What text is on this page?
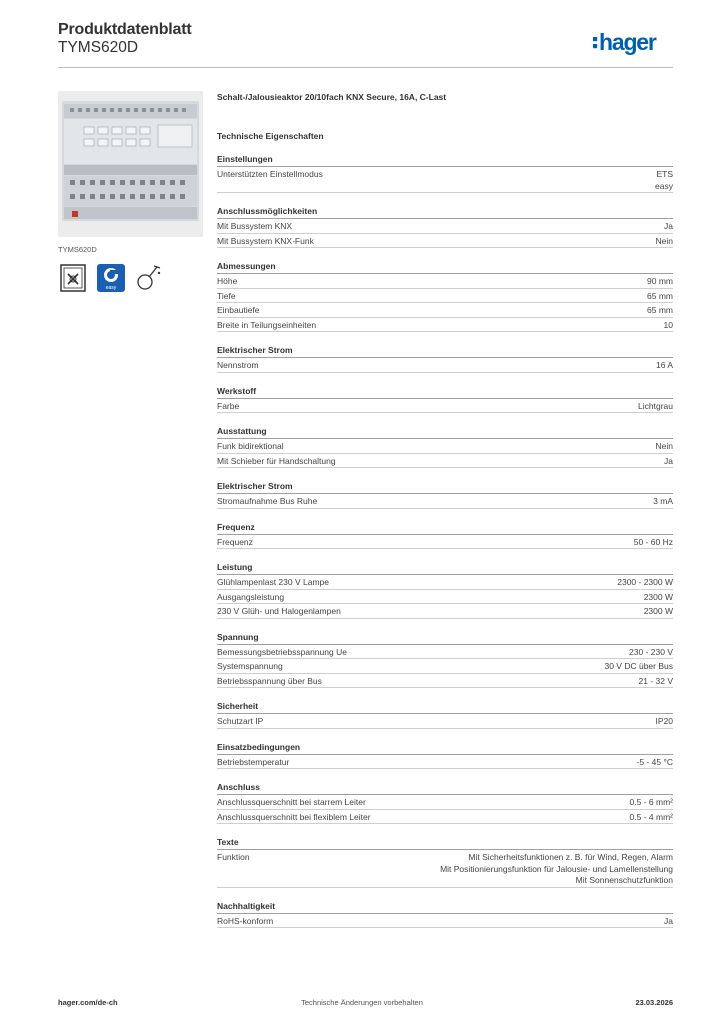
Produktdatenblatt
TYMS620D	hager
TYMS620D
easy
Schalt-/Jalousieaktor 20/10fach KNX Secure, 16A, C-Last
Technische Eigenschaften
Einstellungen
Unterstützten Einstellmodus	ETS
easy
Anschlussmöglichkeiten
Mit Bussystem KNX	Ja
Mit Bussystem KNX-Funk	Nein
Abmessungen
Höhe	90 mm
Tiefe	65 mm
Einbautiefe	65 mm
Breite in Teilungseinheiten	10
Elektrischer Strom
Nennstrom	16 A
Werkstoff
Farbe	Lichtgrau
Ausstattung
Funk bidirektional	Nein
Mit Schieber für Handschaltung	Ja
Elektrischer Strom
Stromaufnahme Bus Ruhe	3 mA
Frequenz
Frequenz	50 - 60 Hz
Leistung
Glühlampenlast 230 V Lampe	2300 - 2300 W
Ausgangsleistung	2300 W
230 V Glüh- und Halogenlampen	2300 W
Spannung
Bemessungsbetriebsspannung Ue	230 - 230 V
Systemspannung	30 V DC über Bus
Betriebsspannung über Bus	21 - 32 V
Sicherheit
Schutzart IP	IP20
Einsatzbedingungen
Betriebstemperatur	-5 - 45 °C
Anschluss
Anschlussquerschnitt bei starrem Leiter	0.5 - 6 mm²
Anschlussquerschnitt bei flexiblem Leiter	0.5 - 4 mm²
Texte
Funktion	Mit Sicherheitsfunktionen z. B. für Wind, Regen, Alarm
Mit Positionierungsfunktion für Jalousie- und Lamellenstellung
Mit Sonnenschutzfunktion
Nachhaltigkeit
RoHS-konform	Ja
hager.com/de-ch	Technische Änderungen vorbehalten	23.03.2026
